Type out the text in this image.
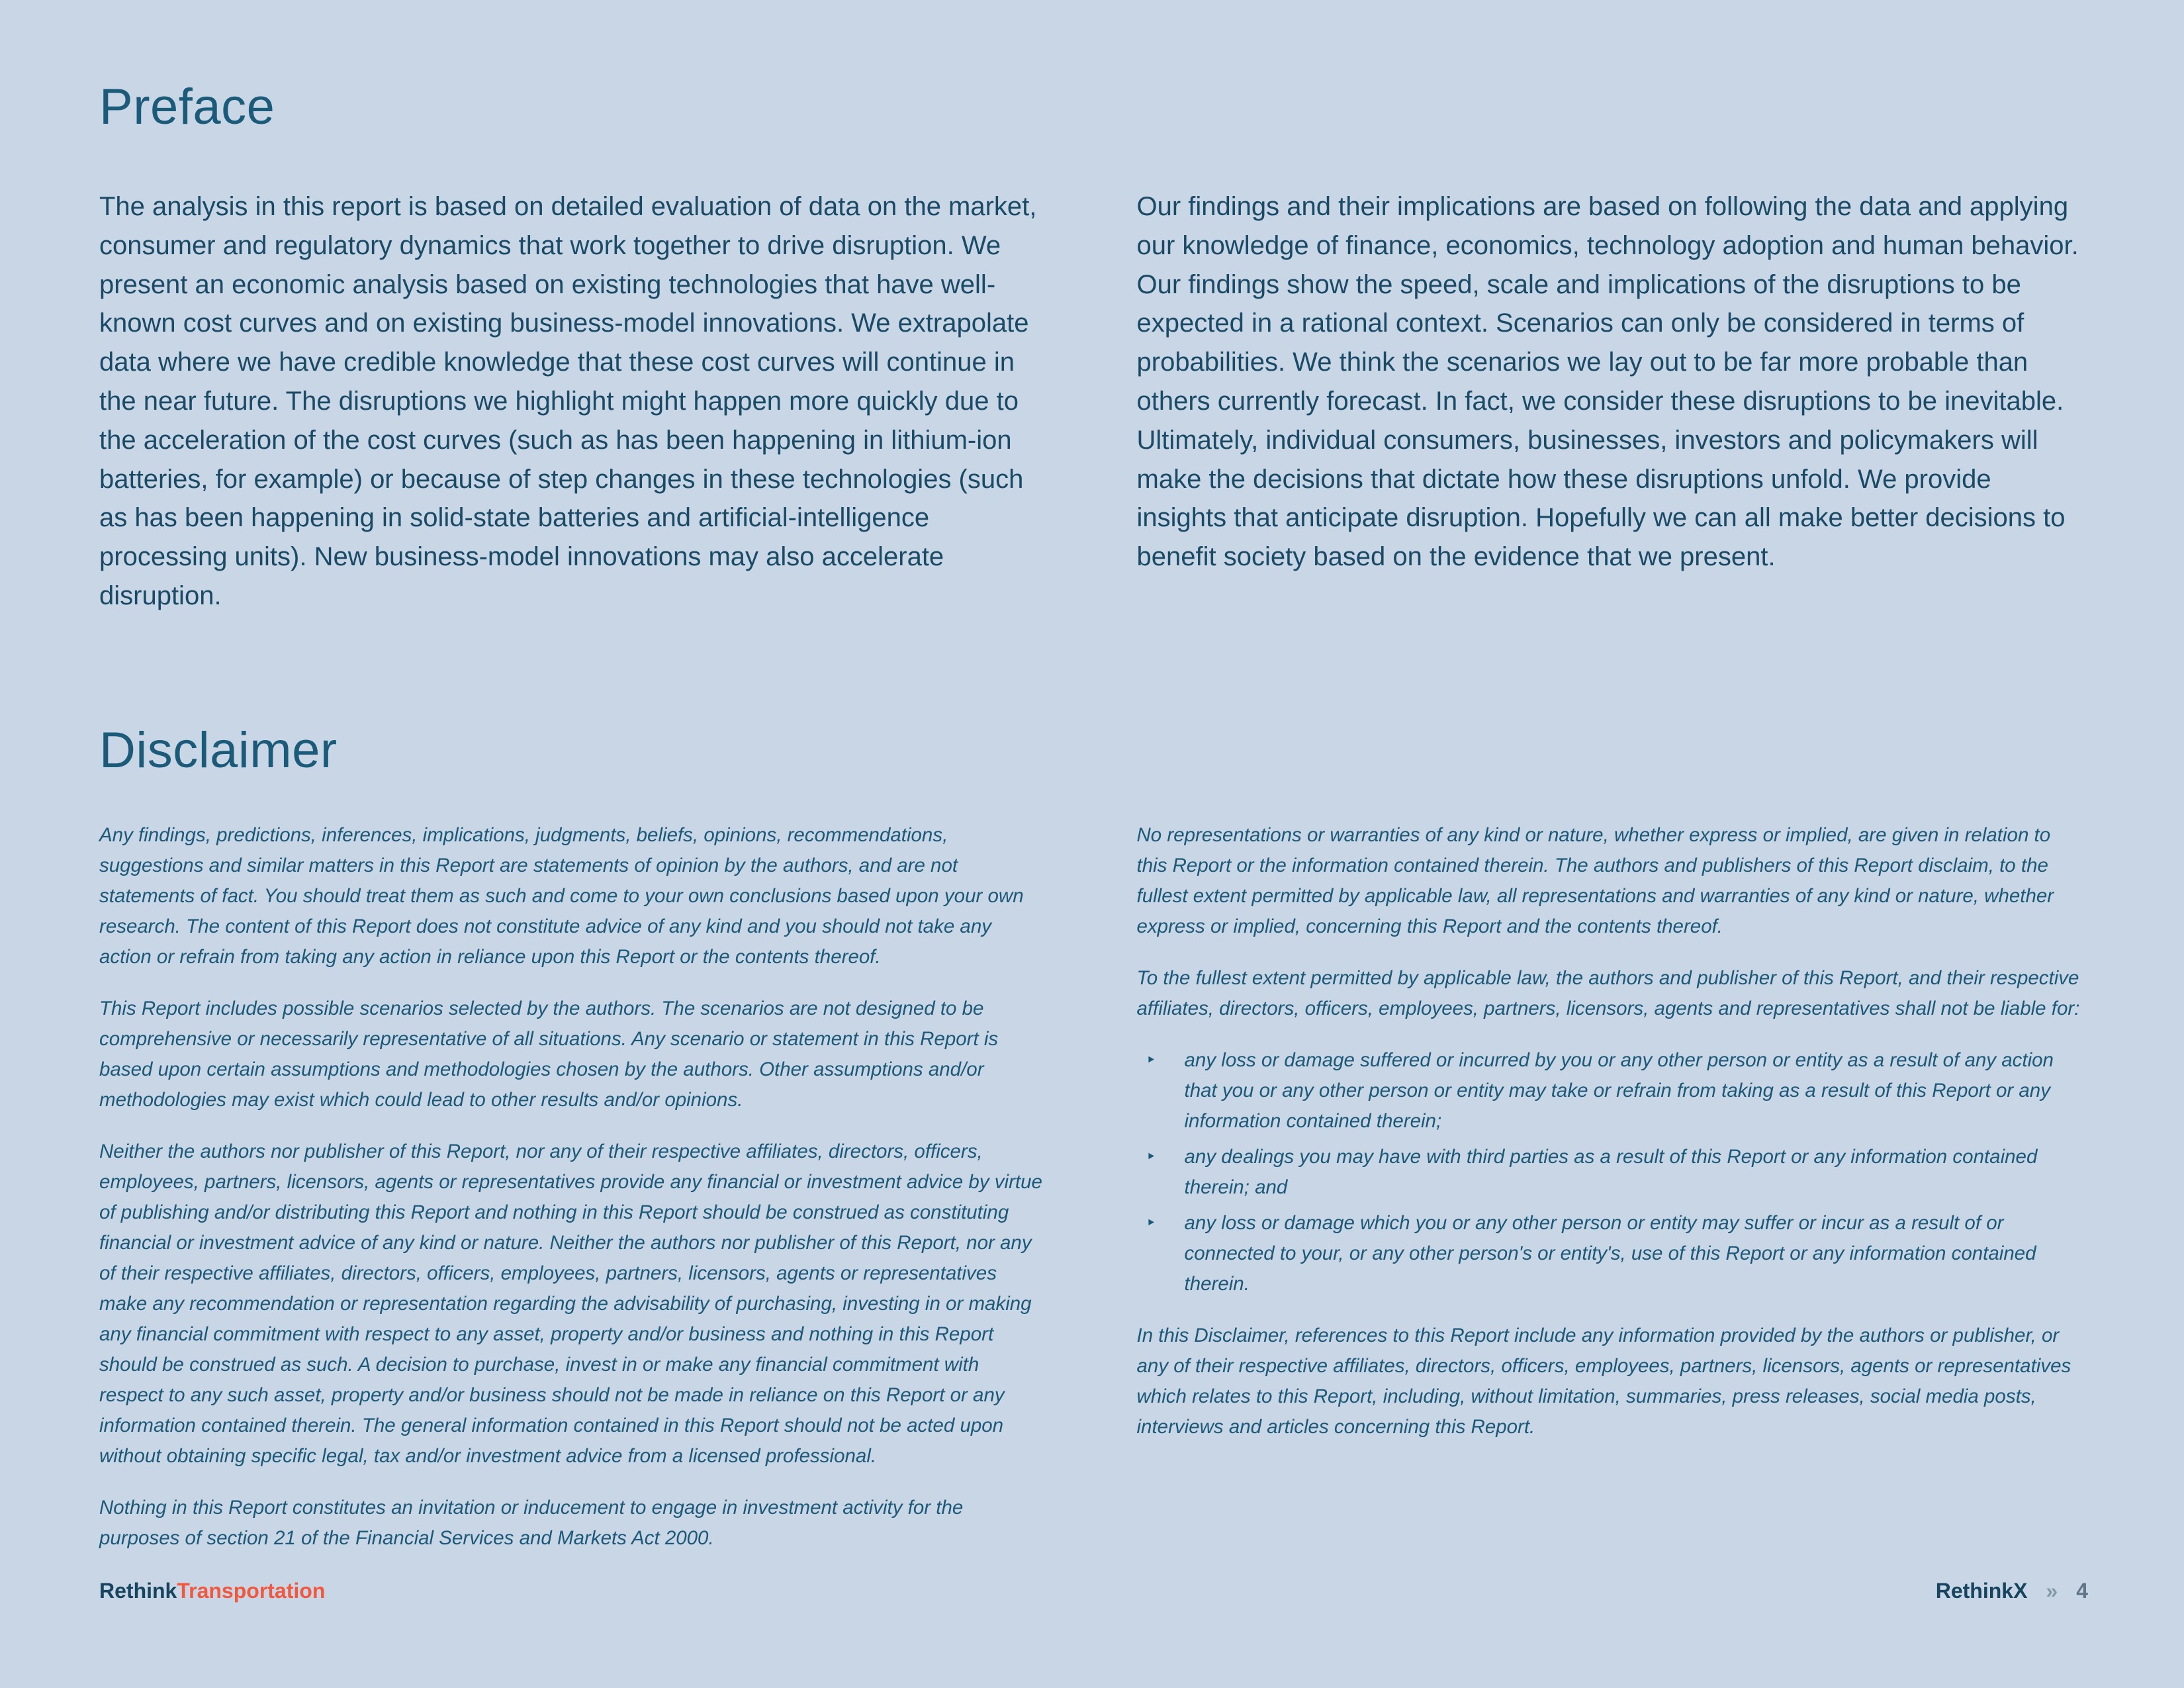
Preface
The analysis in this report is based on detailed evaluation of data on the market, consumer and regulatory dynamics that work together to drive disruption. We present an economic analysis based on existing technologies that have well-known cost curves and on existing business-model innovations. We extrapolate data where we have credible knowledge that these cost curves will continue in the near future. The disruptions we highlight might happen more quickly due to the acceleration of the cost curves (such as has been happening in lithium-ion batteries, for example) or because of step changes in these technologies (such as has been happening in solid-state batteries and artificial-intelligence processing units). New business-model innovations may also accelerate disruption.
Our findings and their implications are based on following the data and applying our knowledge of finance, economics, technology adoption and human behavior. Our findings show the speed, scale and implications of the disruptions to be expected in a rational context. Scenarios can only be considered in terms of probabilities. We think the scenarios we lay out to be far more probable than others currently forecast. In fact, we consider these disruptions to be inevitable. Ultimately, individual consumers, businesses, investors and policymakers will make the decisions that dictate how these disruptions unfold. We provide insights that anticipate disruption. Hopefully we can all make better decisions to benefit society based on the evidence that we present.
Disclaimer

Any findings, predictions, inferences, implications, judgments, beliefs, opinions, recommendations, suggestions and similar matters in this Report are statements of opinion by the authors, and are not statements of fact. You should treat them as such and come to your own conclusions based upon your own research. The content of this Report does not constitute advice of any kind and you should not take any action or refrain from taking any action in reliance upon this Report or the contents thereof.

This Report includes possible scenarios selected by the authors. The scenarios are not designed to be comprehensive or necessarily representative of all situations. Any scenario or statement in this Report is based upon certain assumptions and methodologies chosen by the authors. Other assumptions and/or methodologies may exist which could lead to other results and/or opinions.

Neither the authors nor publisher of this Report, nor any of their respective affiliates, directors, officers, employees, partners, licensors, agents or representatives provide any financial or investment advice by virtue of publishing and/or distributing this Report and nothing in this Report should be construed as constituting financial or investment advice of any kind or nature. Neither the authors nor publisher of this Report, nor any of their respective affiliates, directors, officers, employees, partners, licensors, agents or representatives make any recommendation or representation regarding the advisability of purchasing, investing in or making any financial commitment with respect to any asset, property and/or business and nothing in this Report should be construed as such. A decision to purchase, invest in or make any financial commitment with respect to any such asset, property and/or business should not be made in reliance on this Report or any information contained therein. The general information contained in this Report should not be acted upon without obtaining specific legal, tax and/or investment advice from a licensed professional.

Nothing in this Report constitutes an invitation or inducement to engage in investment activity for the purposes of section 21 of the Financial Services and Markets Act 2000.

No representations or warranties of any kind or nature, whether express or implied, are given in relation to this Report or the information contained therein. The authors and publishers of this Report disclaim, to the fullest extent permitted by applicable law, all representations and warranties of any kind or nature, whether express or implied, concerning this Report and the contents thereof.

To the fullest extent permitted by applicable law, the authors and publisher of this Report, and their respective affiliates, directors, officers, employees, partners, licensors, agents and representatives shall not be liable for:

‣	any loss or damage suffered or incurred by you or any other person or entity as a result of any action that you or any other person or entity may take or refrain from taking as a result of this Report or any information contained therein;
‣	any dealings you may have with third parties as a result of this Report or any information contained therein; and
‣	any loss or damage which you or any other person or entity may suffer or incur as a result of or connected to your, or any other person's or entity's, use of this Report or any information contained therein.

In this Disclaimer, references to this Report include any information provided by the authors or publisher, or any of their respective affiliates, directors, officers, employees, partners, licensors, agents or representatives which relates to this Report, including, without limitation, summaries, press releases, social media posts, interviews and articles concerning this Report.

RethinkTransportation	RethinkX » 4
